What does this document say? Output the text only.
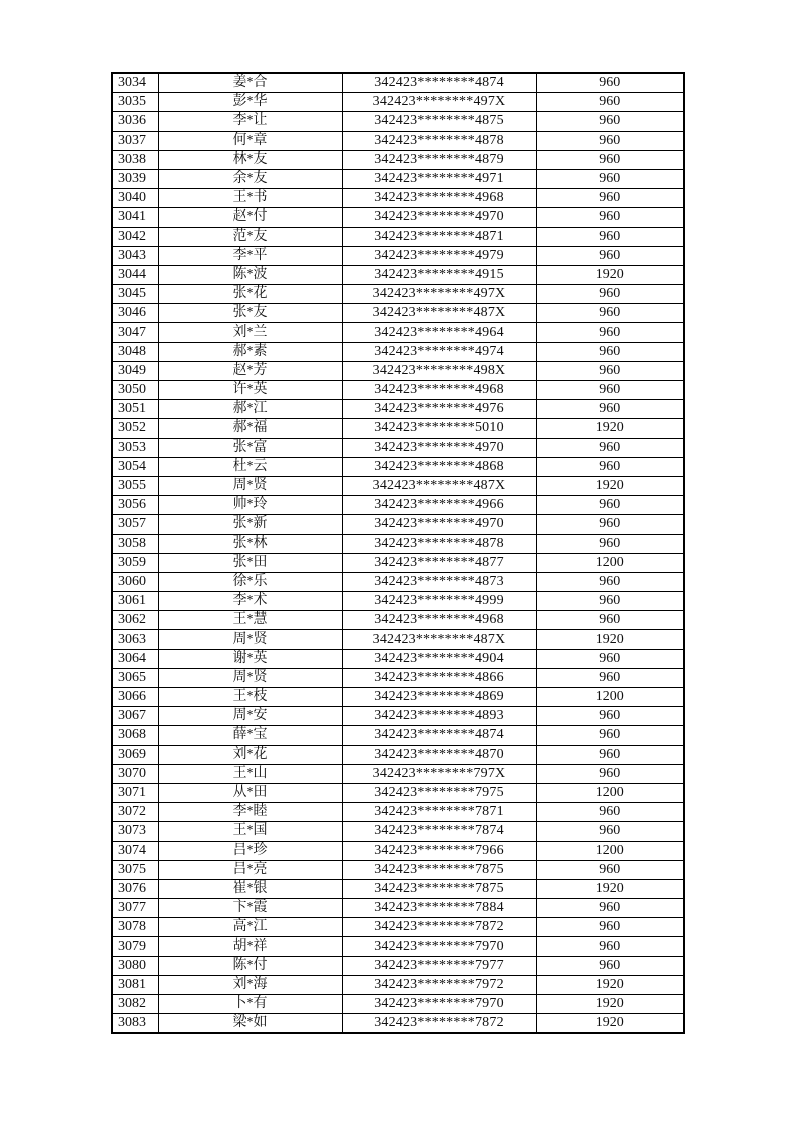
3034	姜*合	342423********4874	960
3035	彭*华	342423********497X	960
3036	李*让	342423********4875	960
3037	何*章	342423********4878	960
3038	林*友	342423********4879	960
3039	余*友	342423********4971	960
3040	王*书	342423********4968	960
3041	赵*付	342423********4970	960
3042	范*友	342423********4871	960
3043	李*平	342423********4979	960
3044	陈*波	342423********4915	1920
3045	张*花	342423********497X	960
3046	张*友	342423********487X	960
3047	刘*兰	342423********4964	960
3048	郝*素	342423********4974	960
3049	赵*芳	342423********498X	960
3050	许*英	342423********4968	960
3051	郝*江	342423********4976	960
3052	郝*福	342423********5010	1920
3053	张*富	342423********4970	960
3054	杜*云	342423********4868	960
3055	周*贤	342423********487X	1920
3056	帅*玲	342423********4966	960
3057	张*新	342423********4970	960
3058	张*林	342423********4878	960
3059	张*田	342423********4877	1200
3060	徐*乐	342423********4873	960
3061	李*术	342423********4999	960
3062	王*慧	342423********4968	960
3063	周*贤	342423********487X	1920
3064	谢*英	342423********4904	960
3065	周*贤	342423********4866	960
3066	王*枝	342423********4869	1200
3067	周*安	342423********4893	960
3068	薛*宝	342423********4874	960
3069	刘*花	342423********4870	960
3070	王*山	342423********797X	960
3071	从*田	342423********7975	1200
3072	李*睦	342423********7871	960
3073	王*国	342423********7874	960
3074	吕*珍	342423********7966	1200
3075	吕*亮	342423********7875	960
3076	崔*银	342423********7875	1920
3077	卞*霞	342423********7884	960
3078	高*江	342423********7872	960
3079	胡*祥	342423********7970	960
3080	陈*付	342423********7977	960
3081	刘*海	342423********7972	1920
3082	卜*有	342423********7970	1920
3083	梁*如	342423********7872	1920
